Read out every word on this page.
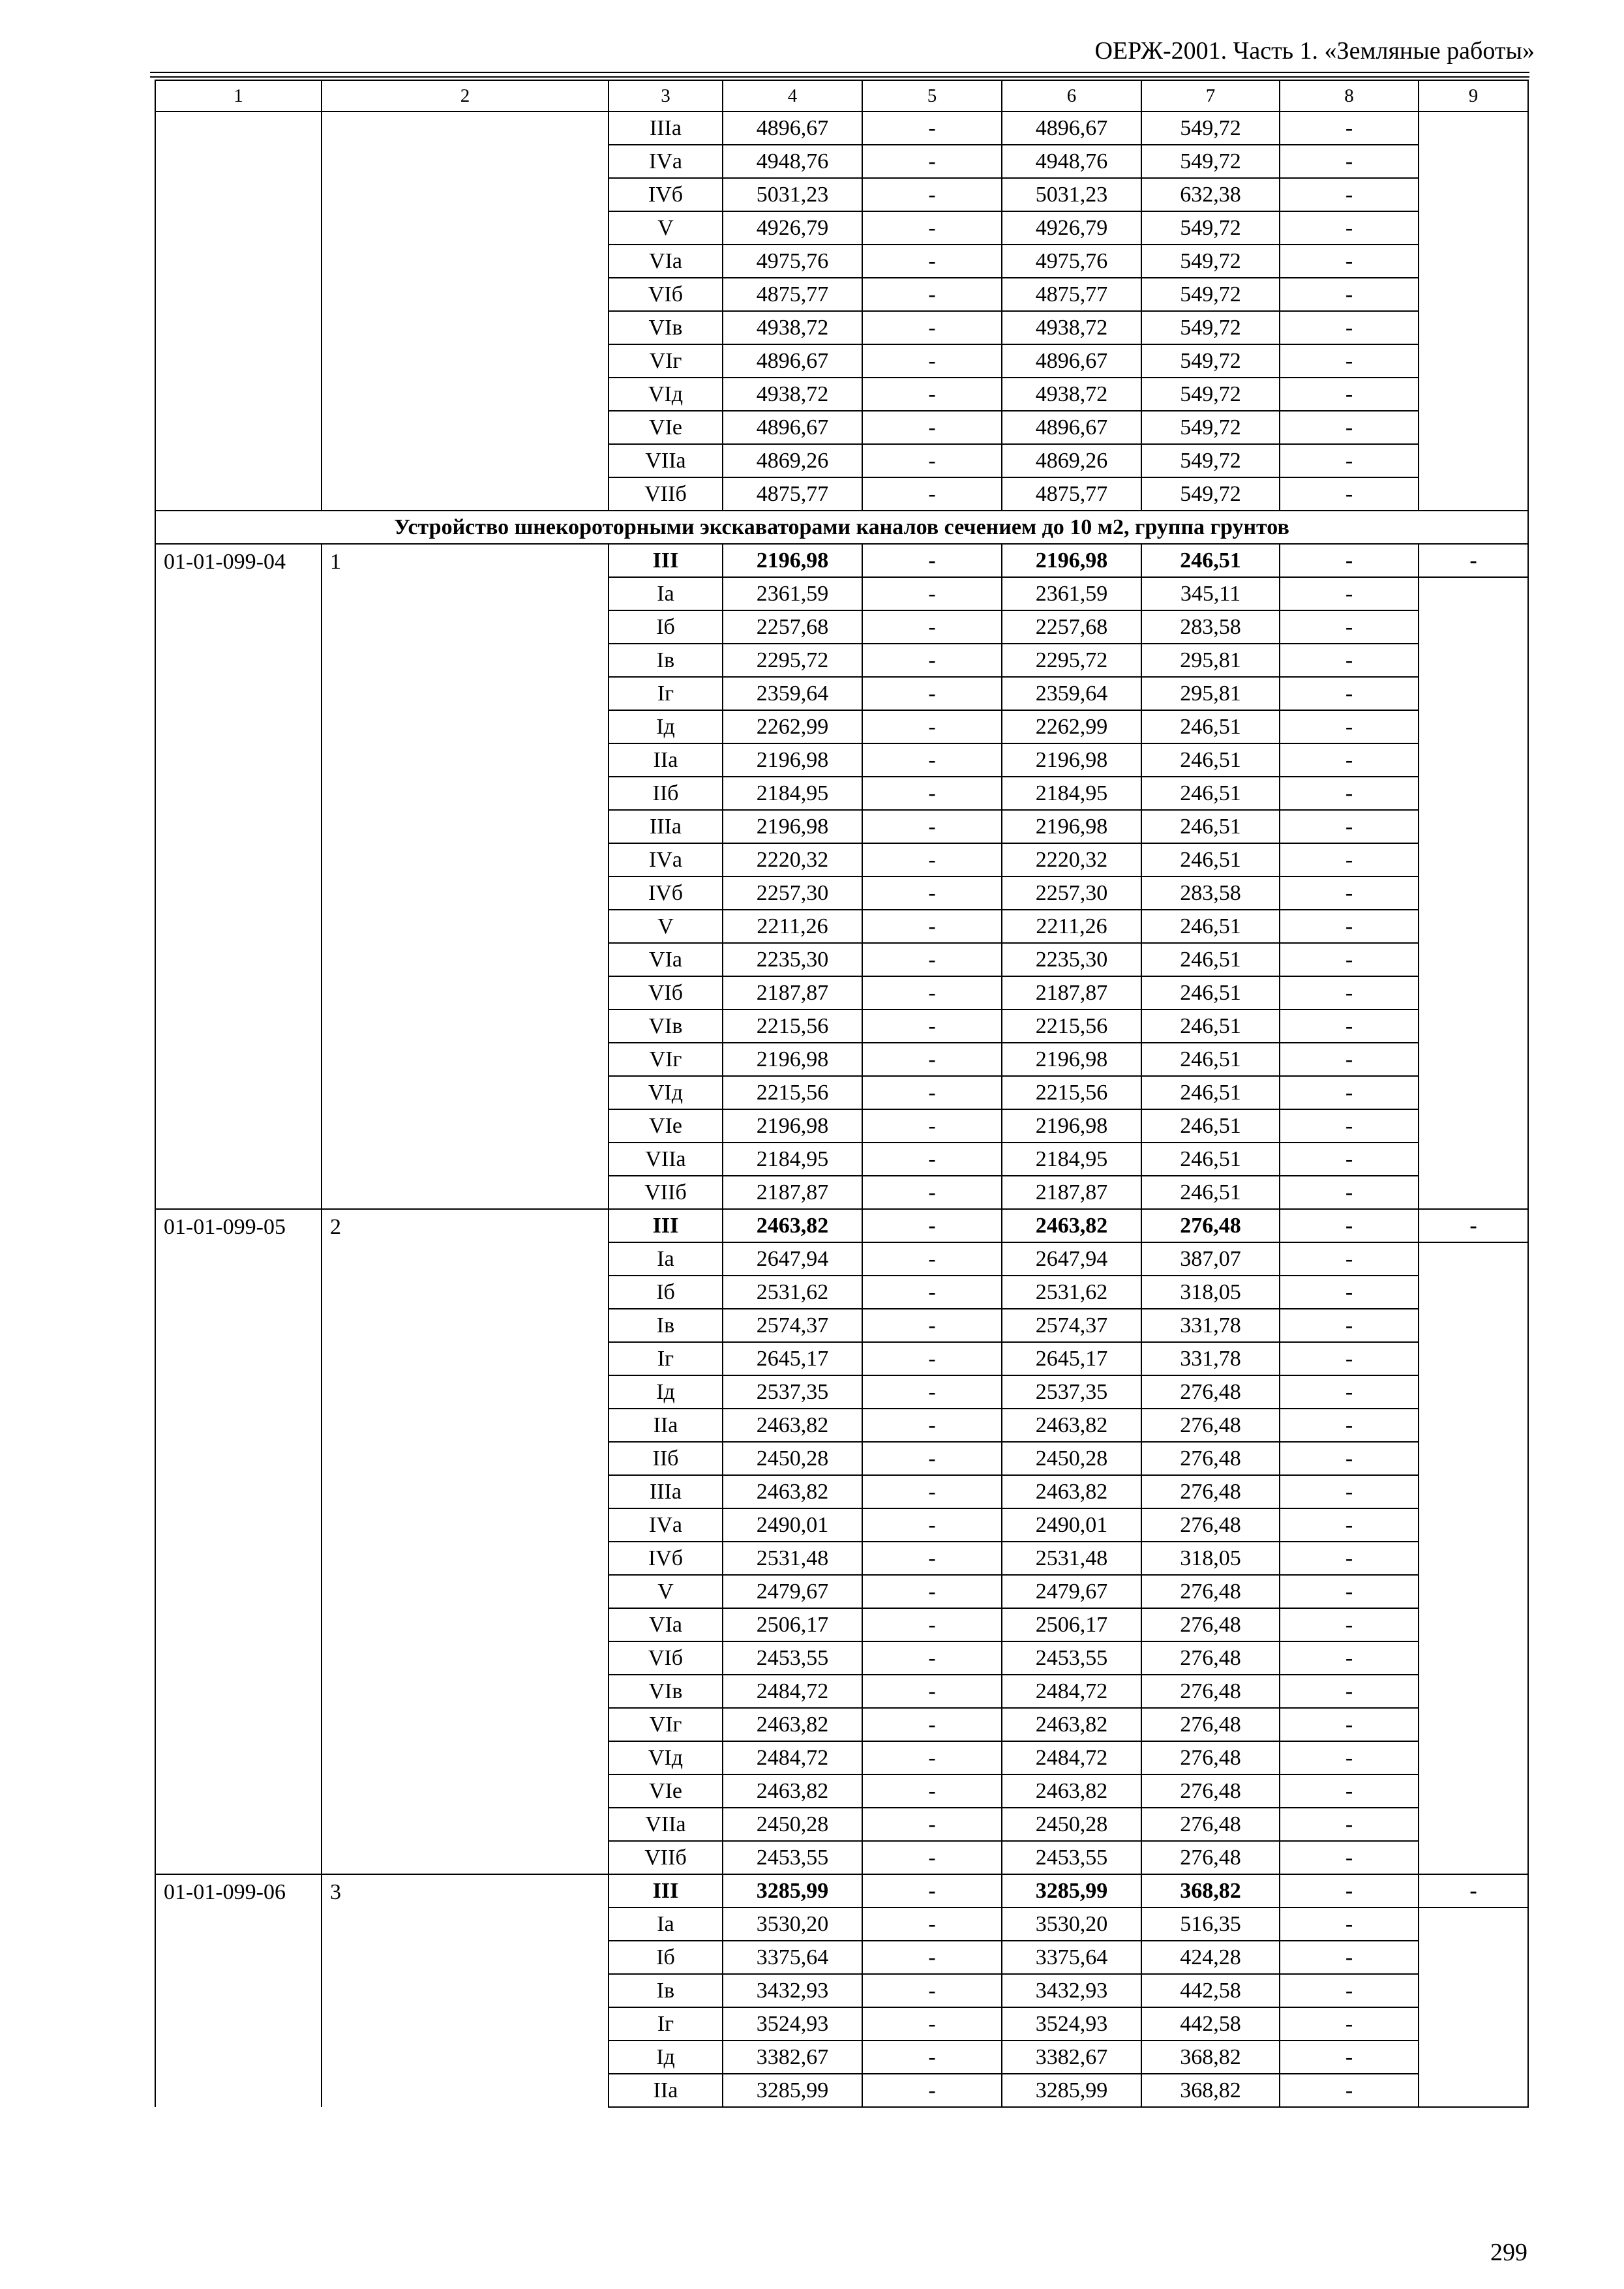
ОЕРЖ-2001. Часть 1. «Земляные работы»
1	2	3	4	5	6	7	8	9
		IIIа	4896,67	-	4896,67	549,72	-	
		IVа	4948,76	-	4948,76	549,72	-	
		IVб	5031,23	-	5031,23	632,38	-	
		V	4926,79	-	4926,79	549,72	-	
		VIа	4975,76	-	4975,76	549,72	-	
		VIб	4875,77	-	4875,77	549,72	-	
		VIв	4938,72	-	4938,72	549,72	-	
		VIг	4896,67	-	4896,67	549,72	-	
		VIд	4938,72	-	4938,72	549,72	-	
		VIе	4896,67	-	4896,67	549,72	-	
		VIIа	4869,26	-	4869,26	549,72	-	
		VIIб	4875,77	-	4875,77	549,72	-	
Устройство шнекороторными экскаваторами каналов сечением до 10 м2, группа грунтов								
01-01-099-04	1	III	2196,98	-	2196,98	246,51	-	-
		Iа	2361,59	-	2361,59	345,11	-	
		Iб	2257,68	-	2257,68	283,58	-	
		Iв	2295,72	-	2295,72	295,81	-	
		Iг	2359,64	-	2359,64	295,81	-	
		Iд	2262,99	-	2262,99	246,51	-	
		IIа	2196,98	-	2196,98	246,51	-	
		IIб	2184,95	-	2184,95	246,51	-	
		IIIа	2196,98	-	2196,98	246,51	-	
		IVа	2220,32	-	2220,32	246,51	-	
		IVб	2257,30	-	2257,30	283,58	-	
		V	2211,26	-	2211,26	246,51	-	
		VIа	2235,30	-	2235,30	246,51	-	
		VIб	2187,87	-	2187,87	246,51	-	
		VIв	2215,56	-	2215,56	246,51	-	
		VIг	2196,98	-	2196,98	246,51	-	
		VIд	2215,56	-	2215,56	246,51	-	
		VIе	2196,98	-	2196,98	246,51	-	
		VIIа	2184,95	-	2184,95	246,51	-	
		VIIб	2187,87	-	2187,87	246,51	-	
01-01-099-05	2	III	2463,82	-	2463,82	276,48	-	-
		Iа	2647,94	-	2647,94	387,07	-	
		Iб	2531,62	-	2531,62	318,05	-	
		Iв	2574,37	-	2574,37	331,78	-	
		Iг	2645,17	-	2645,17	331,78	-	
		Iд	2537,35	-	2537,35	276,48	-	
		IIа	2463,82	-	2463,82	276,48	-	
		IIб	2450,28	-	2450,28	276,48	-	
		IIIа	2463,82	-	2463,82	276,48	-	
		IVа	2490,01	-	2490,01	276,48	-	
		IVб	2531,48	-	2531,48	318,05	-	
		V	2479,67	-	2479,67	276,48	-	
		VIа	2506,17	-	2506,17	276,48	-	
		VIб	2453,55	-	2453,55	276,48	-	
		VIв	2484,72	-	2484,72	276,48	-	
		VIг	2463,82	-	2463,82	276,48	-	
		VIд	2484,72	-	2484,72	276,48	-	
		VIе	2463,82	-	2463,82	276,48	-	
		VIIа	2450,28	-	2450,28	276,48	-	
		VIIб	2453,55	-	2453,55	276,48	-	
01-01-099-06	3	III	3285,99	-	3285,99	368,82	-	-
		Iа	3530,20	-	3530,20	516,35	-	
		Iб	3375,64	-	3375,64	424,28	-	
		Iв	3432,93	-	3432,93	442,58	-	
		Iг	3524,93	-	3524,93	442,58	-	
		Iд	3382,67	-	3382,67	368,82	-	
		IIа	3285,99	-	3285,99	368,82	-	
299
